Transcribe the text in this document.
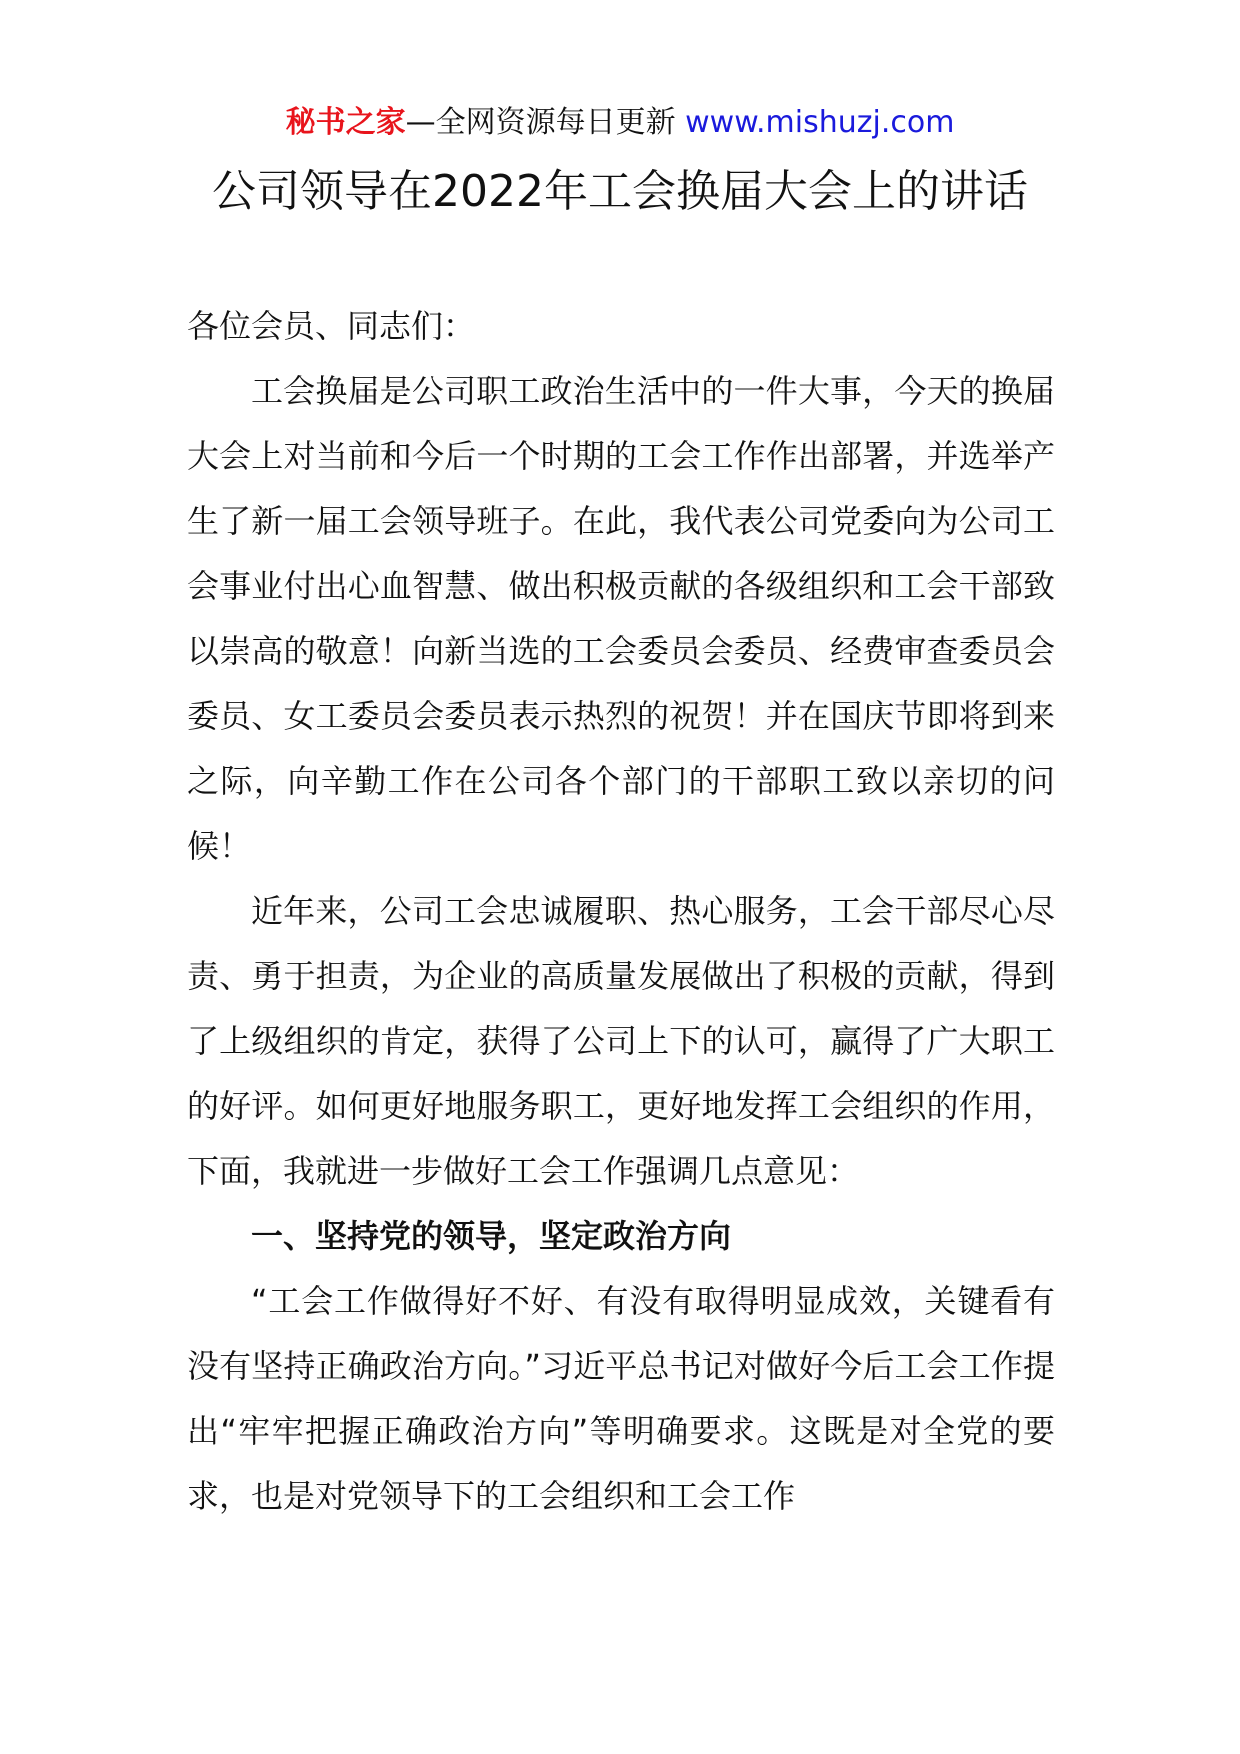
秘书之家—全网资源每日更新 www.mishuzj.com
公司领导在2022年工会换届大会上的讲话

各位会员、同志们：

工会换届是公司职工政治生活中的一件大事，今天的换届大会上对当前和今后一个时期的工会工作作出部署，并选举产生了新一届工会领导班子。在此，我代表公司党委向为公司工会事业付出心血智慧、做出积极贡献的各级组织和工会干部致以崇高的敬意！向新当选的工会委员会委员、经费审查委员会委员、女工委员会委员表示热烈的祝贺！并在国庆节即将到来之际，向辛勤工作在公司各个部门的干部职工致以亲切的问候！

近年来，公司工会忠诚履职、热心服务，工会干部尽心尽责、勇于担责，为企业的高质量发展做出了积极的贡献，得到了上级组织的肯定，获得了公司上下的认可，赢得了广大职工的好评。如何更好地服务职工，更好地发挥工会组织的作用，下面，我就进一步做好工会工作强调几点意见：

一、坚持党的领导，坚定政治方向

“工会工作做得好不好、有没有取得明显成效，关键看有没有坚持正确政治方向。”习近平总书记对做好今后工会工作提出“牢牢把握正确政治方向”等明确要求。这既是对全党的要求，也是对党领导下的工会组织和工会工作
